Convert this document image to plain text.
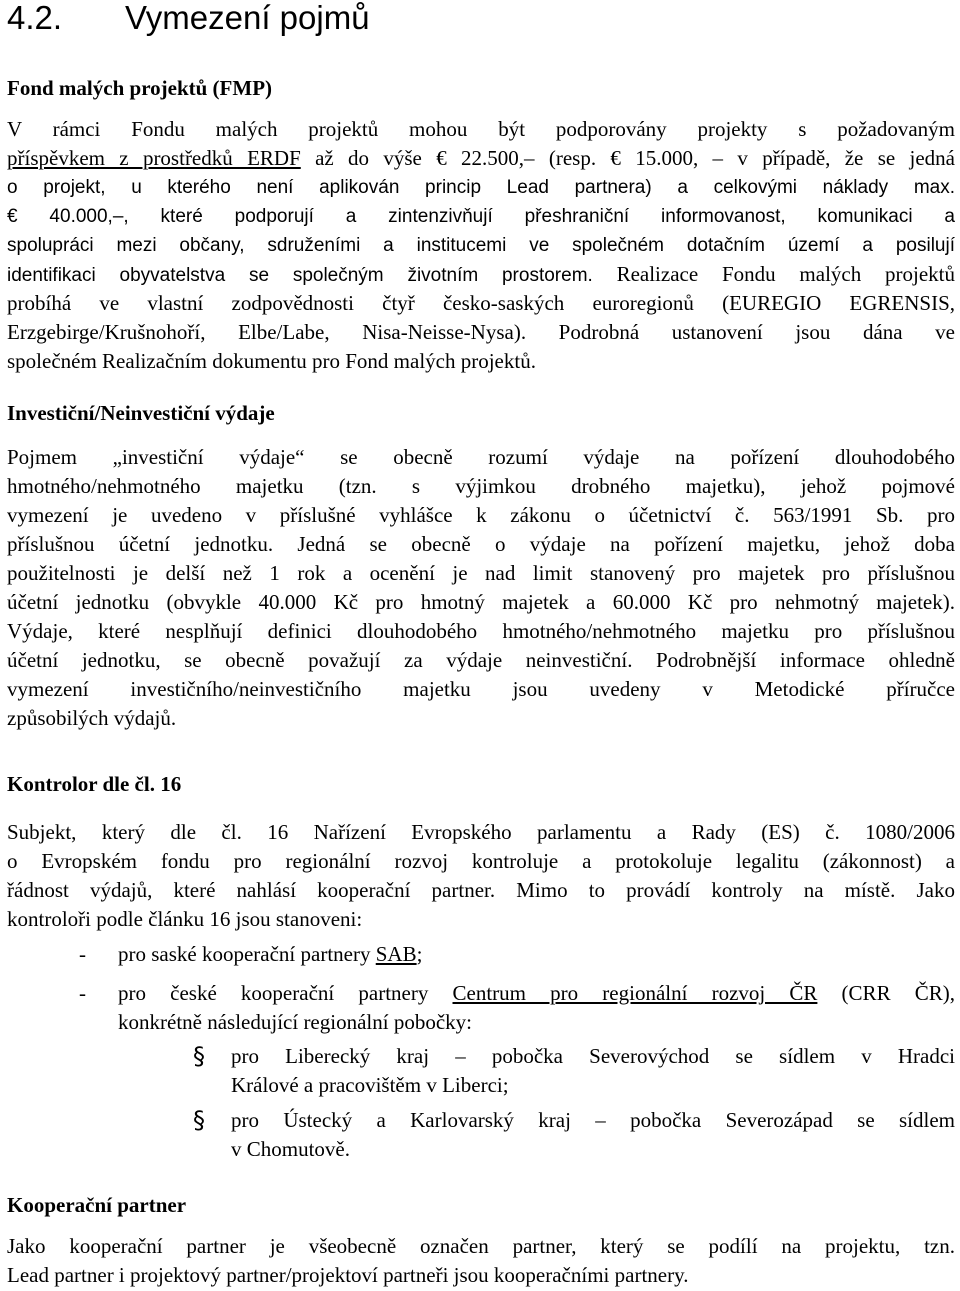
4.2. Vymezení pojmů
Fond malých projektů (FMP)
V rámci Fondu malých projektů mohou být podporovány projekty s požadovaným
příspěvkem z prostředků ERDF až do výše € 22.500,– (resp. € 15.000, – v případě, že se jedná
o projekt, u kterého není aplikován princip Lead partnera) a celkovými náklady max.
€ 40.000,–, které podporují a zintenzivňují přeshraniční informovanost, komunikaci a
spolupráci mezi občany, sdruženími a institucemi ve společném dotačním území a posilují
identifikaci obyvatelstva se společným životním prostorem. Realizace Fondu malých projektů
probíhá ve vlastní zodpovědnosti čtyř česko-saských euroregionů (EUREGIO EGRENSIS,
Erzgebirge/Krušnohoří, Elbe/Labe, Nisa-Neisse-Nysa). Podrobná ustanovení jsou dána ve
společném Realizačním dokumentu pro Fond malých projektů.
Investiční/Neinvestiční výdaje
Pojmem „investiční výdaje“ se obecně rozumí výdaje na pořízení dlouhodobého
hmotného/nehmotného majetku (tzn. s výjimkou drobného majetku), jehož pojmové
vymezení je uvedeno v příslušné vyhlášce k zákonu o účetnictví č. 563/1991 Sb. pro
příslušnou účetní jednotku. Jedná se obecně o výdaje na pořízení majetku, jehož doba
použitelnosti je delší než 1 rok a ocenění je nad limit stanovený pro majetek pro příslušnou
účetní jednotku (obvykle 40.000 Kč pro hmotný majetek a 60.000 Kč pro nehmotný majetek).
Výdaje, které nesplňují definici dlouhodobého hmotného/nehmotného majetku pro příslušnou
účetní jednotku, se obecně považují za výdaje neinvestiční. Podrobnější informace ohledně
vymezení investičního/neinvestičního majetku jsou uvedeny v Metodické příručce
způsobilých výdajů.
Kontrolor dle čl. 16
Subjekt, který dle čl. 16 Nařízení Evropského parlamentu a Rady (ES) č. 1080/2006
o Evropském fondu pro regionální rozvoj kontroluje a protokoluje legalitu (zákonnost) a
řádnost výdajů, které nahlásí kooperační partner. Mimo to provádí kontroly na místě. Jako
kontroloři podle článku 16 jsou stanoveni:
- pro saské kooperační partnery SAB;
- pro české kooperační partnery Centrum pro regionální rozvoj ČR (CRR ČR),
konkrétně následující regionální pobočky:
§ pro Liberecký kraj – pobočka Severovýchod se sídlem v Hradci
Králové a pracovištěm v Liberci;
§ pro Ústecký a Karlovarský kraj – pobočka Severozápad se sídlem
v Chomutově.
Kooperační partner
Jako kooperační partner je všeobecně označen partner, který se podílí na projektu, tzn.
Lead partner i projektový partner/projektoví partneři jsou kooperačními partnery.
